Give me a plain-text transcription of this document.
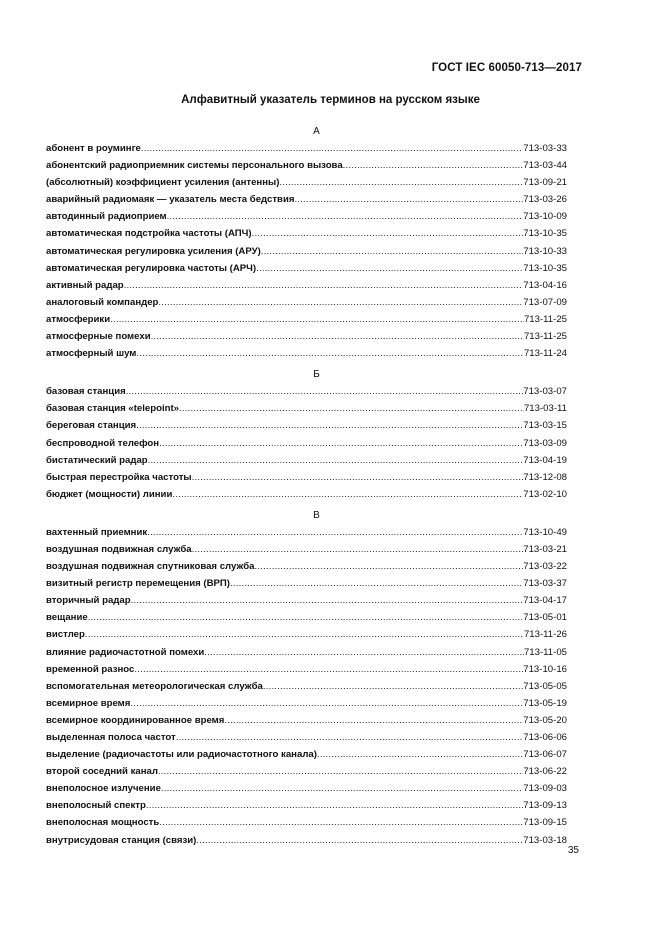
ГОСТ IEC 60050-713—2017
Алфавитный указатель терминов на русском языке
А
абонент в роуминге .....	713-03-33
абонентский радиоприемник системы персонального вызова .....	713-03-44
(абсолютный) коэффициент усиления (антенны) .....	713-09-21
аварийный радиомаяк — указатель места бедствия .....	713-03-26
автодинный радиоприем .....	713-10-09
автоматическая подстройка частоты (АПЧ) .....	713-10-35
автоматическая регулировка усиления (АРУ) .....	713-10-33
автоматическая регулировка частоты (АРЧ) .....	713-10-35
активный радар .....	713-04-16
аналоговый компандер .....	713-07-09
атмосферики .....	713-11-25
атмосферные помехи .....	713-11-25
атмосферный шум .....	713-11-24
Б
базовая станция .....	713-03-07
базовая станция «telepoint» .....	713-03-11
береговая станция .....	713-03-15
беспроводной телефон .....	713-03-09
бистатический радар .....	713-04-19
быстрая перестройка частоты .....	713-12-08
бюджет (мощности) линии .....	713-02-10
В
вахтенный приемник .....	713-10-49
воздушная подвижная служба .....	713-03-21
воздушная подвижная спутниковая служба .....	713-03-22
визитный регистр перемещения (ВРП) .....	713-03-37
вторичный радар .....	713-04-17
вещание .....	713-05-01
вистлер .....	713-11-26
влияние радиочастотной помехи .....	713-11-05
временной разнос .....	713-10-16
вспомогательная метеорологическая служба .....	713-05-05
всемирное время .....	713-05-19
всемирное координированное время .....	713-05-20
выделенная полоса частот .....	713-06-06
выделение (радиочастоты или радиочастотного канала) .....	713-06-07
второй соседний канал .....	713-06-22
внеполосное излучение .....	713-09-03
внеполосный спектр .....	713-09-13
внеполосная мощность .....	713-09-15
внутрисудовая станция (связи) .....	713-03-18
35
